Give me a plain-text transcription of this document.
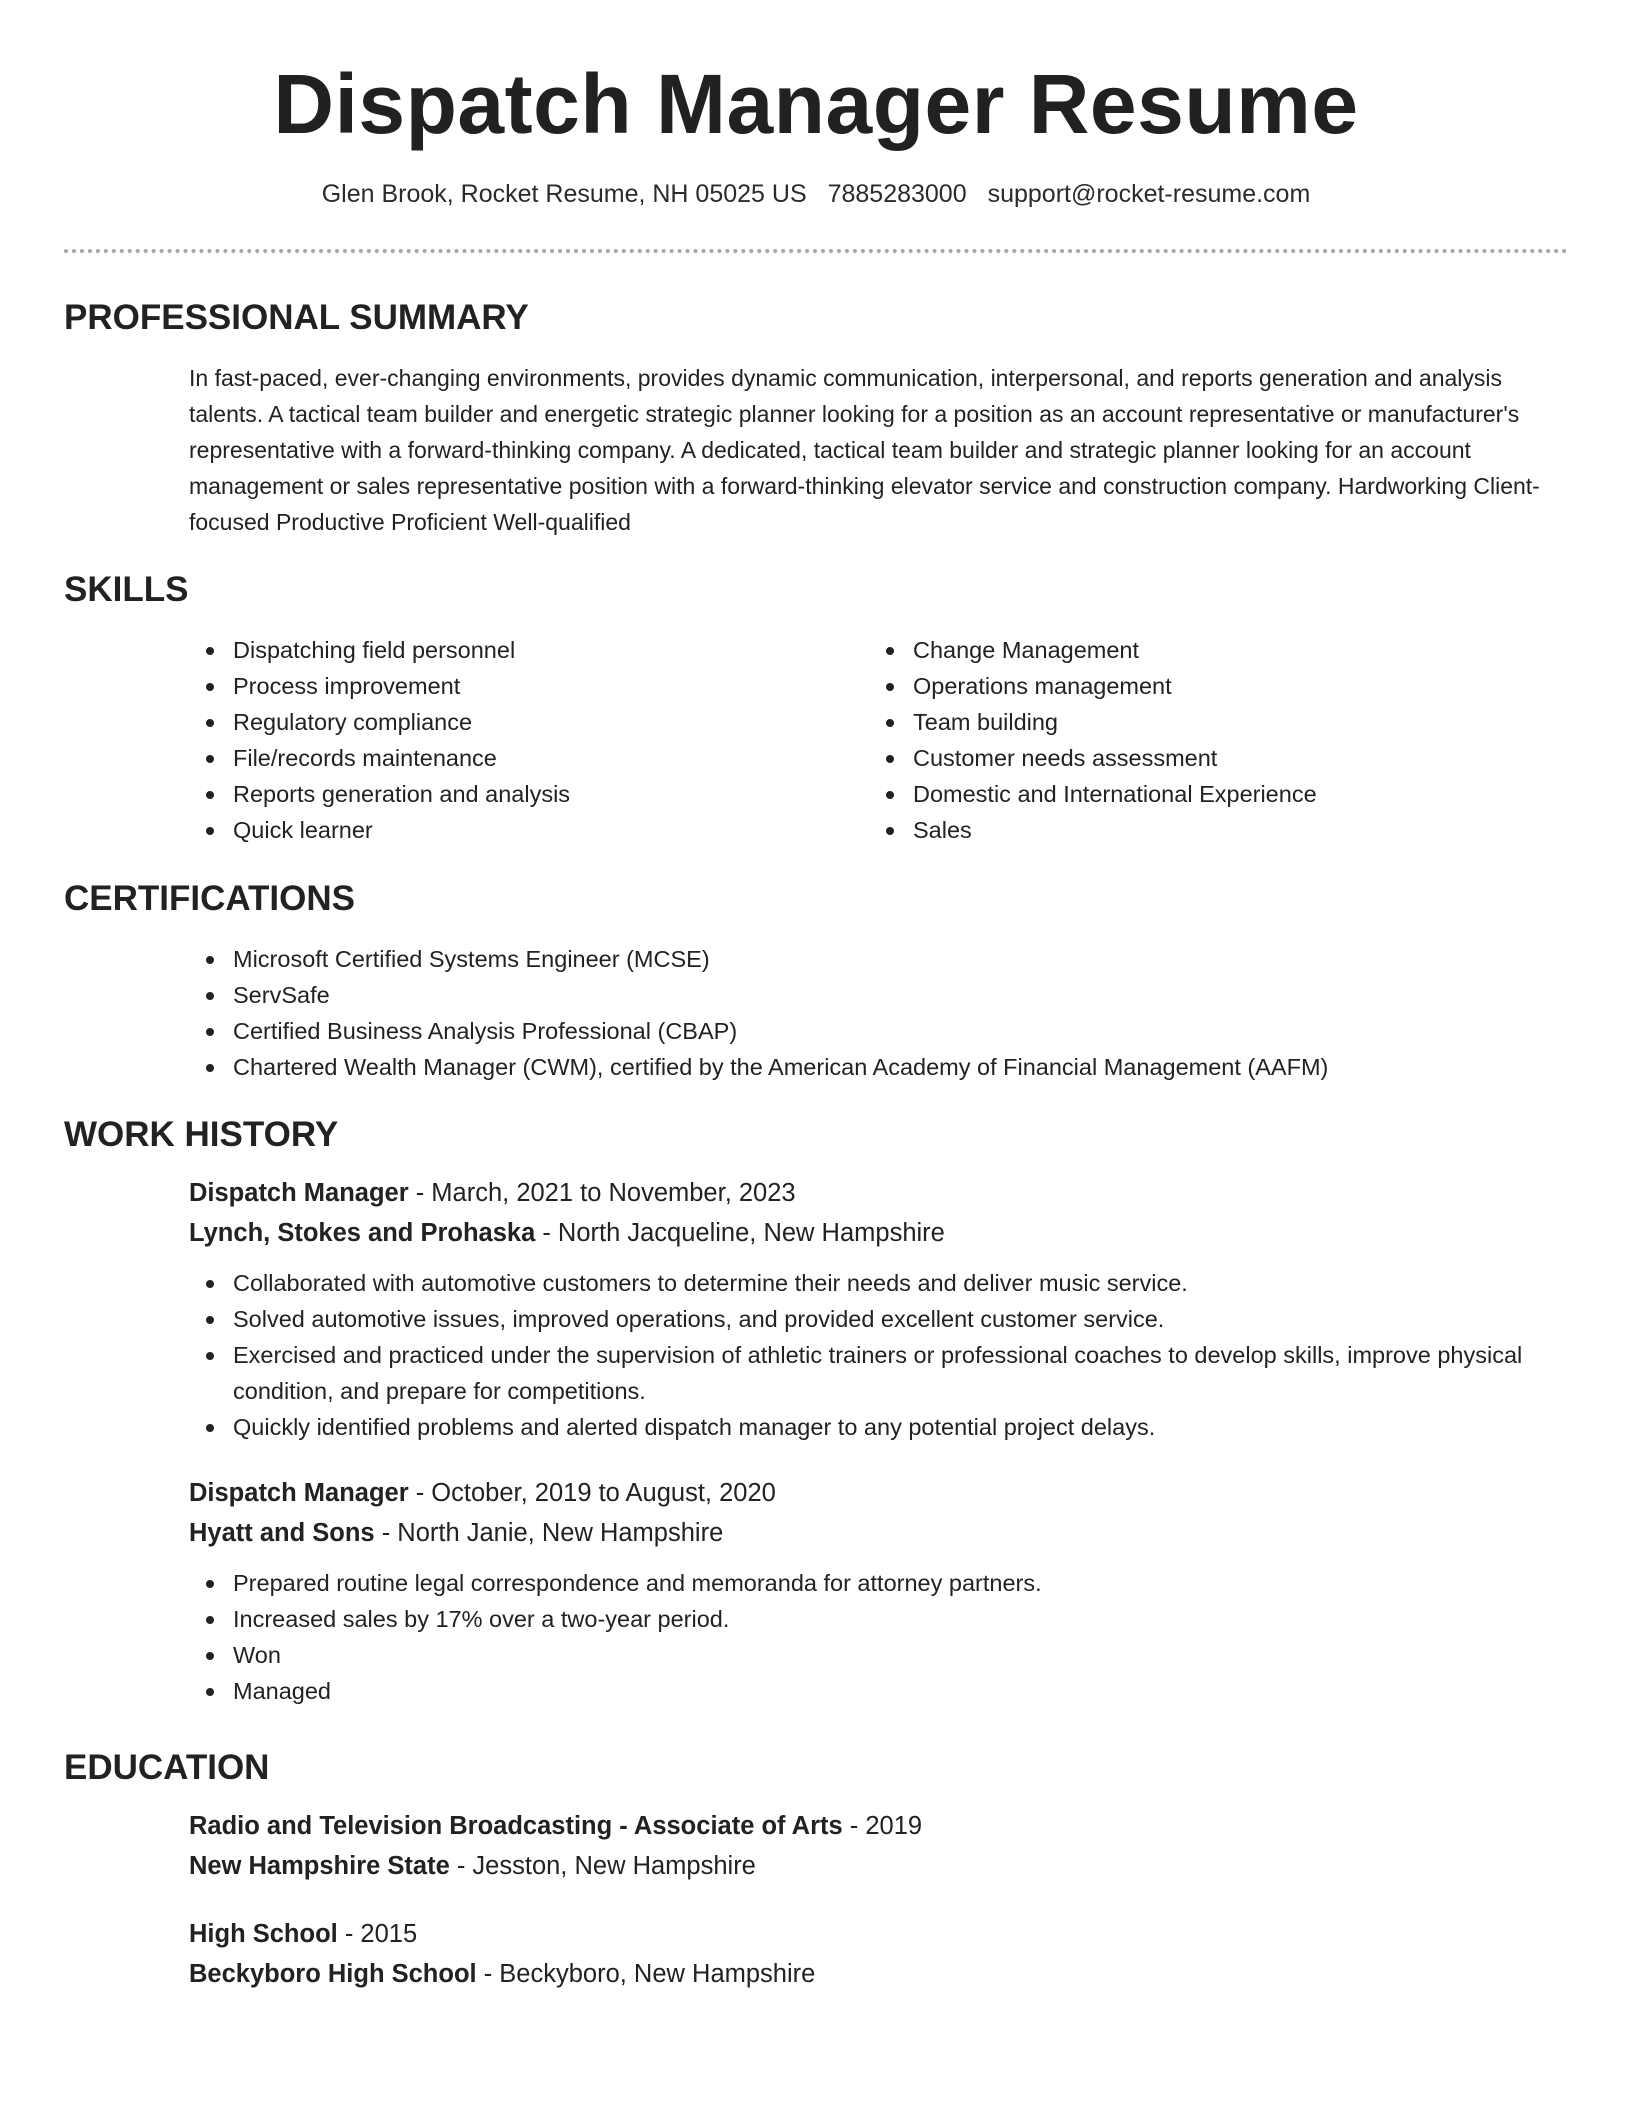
Dispatch Manager Resume
Glen Brook, Rocket Resume, NH 05025 US 7885283000 support@rocket-resume.com
PROFESSIONAL SUMMARY
In fast-paced, ever-changing environments, provides dynamic communication, interpersonal, and reports generation and analysis talents. A tactical team builder and energetic strategic planner looking for a position as an account representative or manufacturer's representative with a forward-thinking company. A dedicated, tactical team builder and strategic planner looking for an account management or sales representative position with a forward-thinking elevator service and construction company. Hardworking Client-focused Productive Proficient Well-qualified
SKILLS
Dispatching field personnel
Process improvement
Regulatory compliance
File/records maintenance
Reports generation and analysis
Quick learner
Change Management
Operations management
Team building
Customer needs assessment
Domestic and International Experience
Sales
CERTIFICATIONS
Microsoft Certified Systems Engineer (MCSE)
ServSafe
Certified Business Analysis Professional (CBAP)
Chartered Wealth Manager (CWM), certified by the American Academy of Financial Management (AAFM)
WORK HISTORY
Dispatch Manager - March, 2021 to November, 2023
Lynch, Stokes and Prohaska - North Jacqueline, New Hampshire
Collaborated with automotive customers to determine their needs and deliver music service.
Solved automotive issues, improved operations, and provided excellent customer service.
Exercised and practiced under the supervision of athletic trainers or professional coaches to develop skills, improve physical condition, and prepare for competitions.
Quickly identified problems and alerted dispatch manager to any potential project delays.
Dispatch Manager - October, 2019 to August, 2020
Hyatt and Sons - North Janie, New Hampshire
Prepared routine legal correspondence and memoranda for attorney partners.
Increased sales by 17% over a two-year period.
Won
Managed
EDUCATION
Radio and Television Broadcasting - Associate of Arts - 2019
New Hampshire State - Jesston, New Hampshire
High School - 2015
Beckyboro High School - Beckyboro, New Hampshire
